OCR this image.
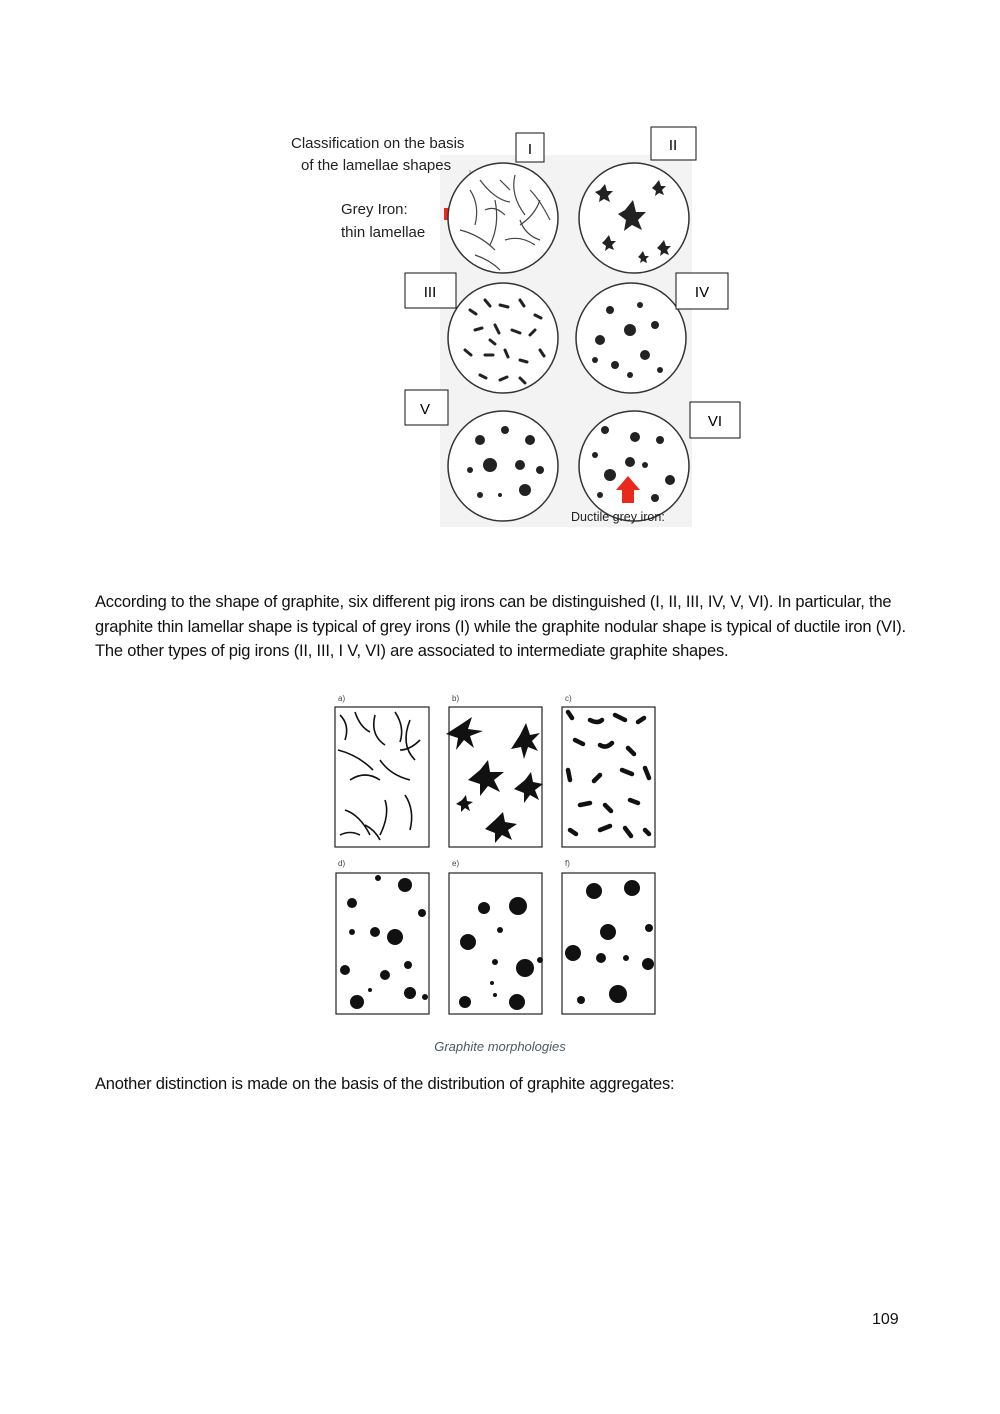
Classification on the basis
of the lamellae shapes
Grey Iron:
thin lamellae
Ductile grey iron:
I	II
III	IV
V
VI

According to the shape of graphite, six different pig irons can be distinguished (I, II, III, IV, V, VI). In particular, the graphite thin lamellar shape is typical of grey irons (I) while the graphite nodular shape is typical of ductile iron (VI). The other types of pig irons (II, III, I V, VI) are associated to intermediate graphite shapes.

a)	b)	c)
d)	e)	f)
Graphite morphologies

Another distinction is made on the basis of the distribution of graphite aggregates:

109
